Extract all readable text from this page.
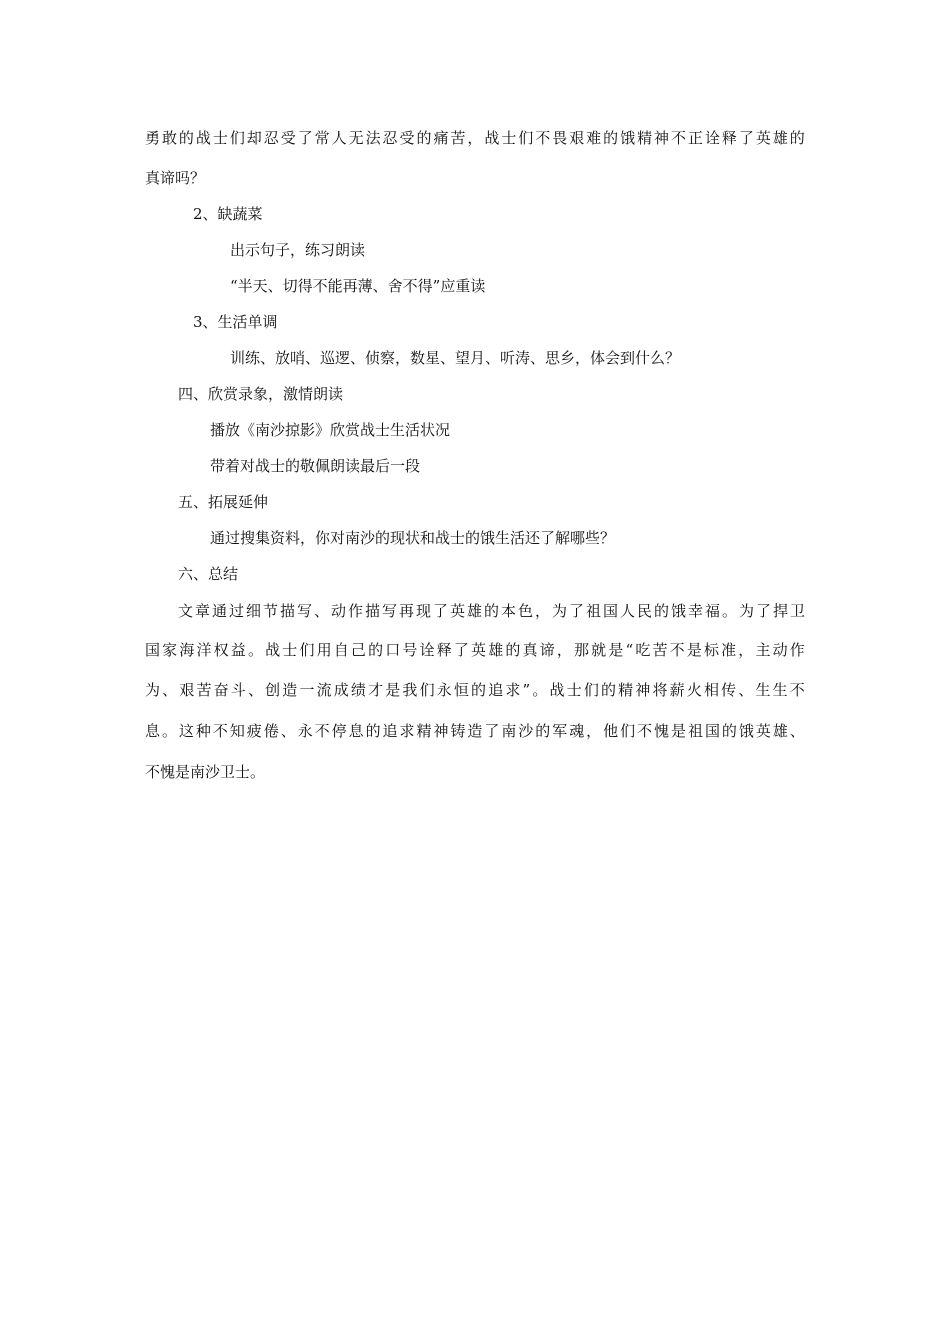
勇敢的战士们却忍受了常人无法忍受的痛苦，战士们不畏艰难的饿精神不正诠释了英雄的
真谛吗？
2、缺蔬菜
出示句子，练习朗读
“半天、切得不能再薄、舍不得”应重读
3、生活单调
训练、放哨、巡逻、侦察，数星、望月、听涛、思乡，体会到什么？
四、欣赏录象，激情朗读
播放《南沙掠影》欣赏战士生活状况
带着对战士的敬佩朗读最后一段
五、拓展延伸
通过搜集资料，你对南沙的现状和战士的饿生活还了解哪些？
六、总结
文章通过细节描写、动作描写再现了英雄的本色，为了祖国人民的饿幸福。为了捍卫
国家海洋权益。战士们用自己的口号诠释了英雄的真谛，那就是“吃苦不是标准，主动作
为、艰苦奋斗、创造一流成绩才是我们永恒的追求”。战士们的精神将薪火相传、生生不
息。这种不知疲倦、永不停息的追求精神铸造了南沙的军魂，他们不愧是祖国的饿英雄、
不愧是南沙卫士。
